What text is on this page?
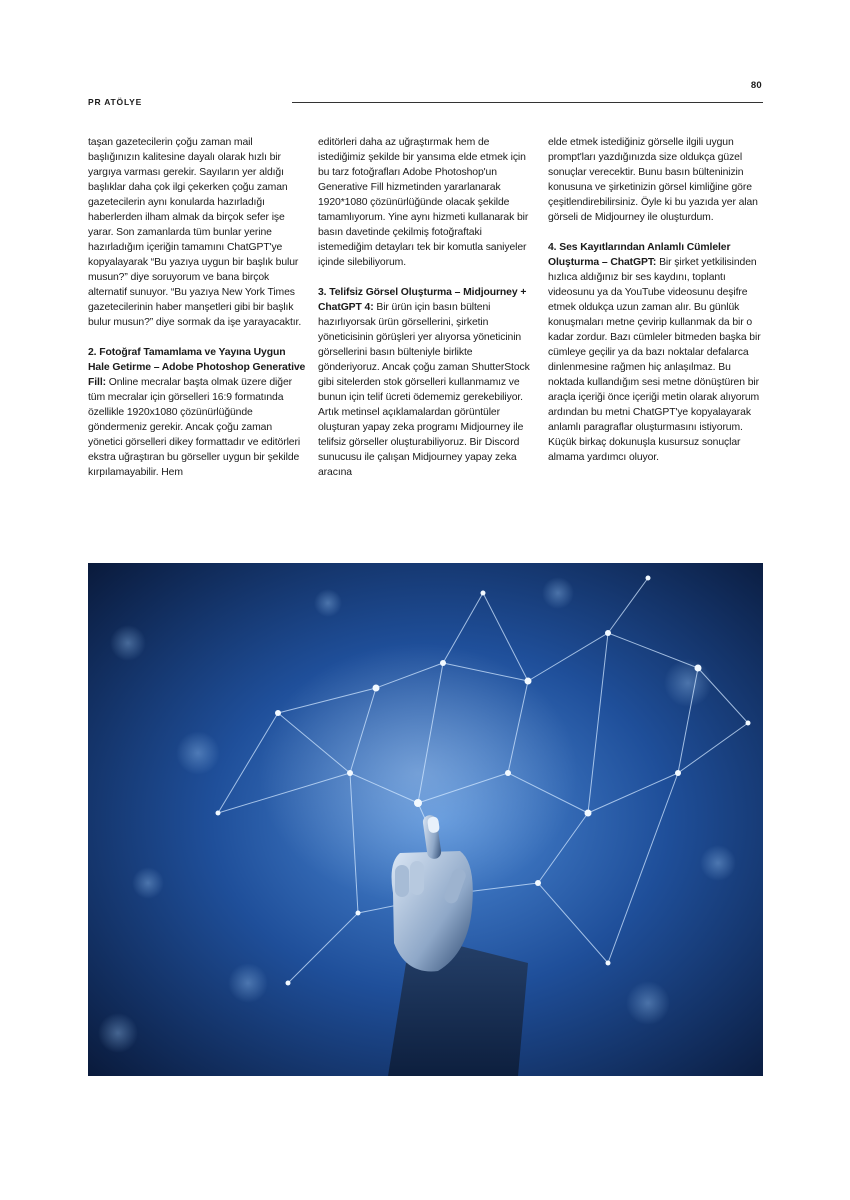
80
PR ATÖLYE

taşan gazetecilerin çoğu zaman mail başlığınızın kalitesine dayalı olarak hızlı bir yargıya varması gerekir. Sayıların yer aldığı başlıklar daha çok ilgi çekerken çoğu zaman gazetecilerin aynı konularda hazırladığı haberlerden ilham almak da birçok sefer işe yarar. Son zamanlarda tüm bunlar yerine hazırladığım içeriğin tamamını ChatGPT'ye kopyalayarak “Bu yazıya uygun bir başlık bulur musun?” diye soruyorum ve bana birçok alternatif sunuyor. “Bu yazıya New York Times gazetecilerinin haber manşetleri gibi bir başlık bulur musun?” diye sormak da işe yarayacaktır.

2. Fotoğraf Tamamlama ve Yayına Uygun Hale Getirme – Adobe Photoshop Generative Fill: Online mecralar başta olmak üzere diğer tüm mecralar için görselleri 16:9 formatında özellikle 1920x1080 çözünürlüğünde göndermeniz gerekir. Ancak çoğu zaman yönetici görselleri dikey formattadır ve editörleri ekstra uğraştıran bu görseller uygun bir şekilde kırpılamayabilir. Hem

editörleri daha az uğraştırmak hem de istediğimiz şekilde bir yansıma elde etmek için bu tarz fotoğrafları Adobe Photoshop'un Generative Fill hizmetinden yararlanarak 1920*1080 çözünürlüğünde olacak şekilde tamamlıyorum. Yine aynı hizmeti kullanarak bir basın davetinde çekilmiş fotoğraftaki istemediğim detayları tek bir komutla saniyeler içinde silebiliyorum.

3. Telifsiz Görsel Oluşturma – Midjourney + ChatGPT 4: Bir ürün için basın bülteni hazırlıyorsak ürün görsellerini, şirketin yöneticisinin görüşleri yer alıyorsa yöneticinin görsellerini basın bülteniyle birlikte gönderiyoruz. Ancak çoğu zaman ShutterStock gibi sitelerden stok görselleri kullanmamız ve bunun için telif ücreti ödememiz gerekebiliyor. Artık metinsel açıklamalardan görüntüler oluşturan yapay zeka programı Midjourney ile telifsiz görseller oluşturabiliyoruz. Bir Discord sunucusu ile çalışan Midjourney yapay zeka aracına

elde etmek istediğiniz görselle ilgili uygun prompt'ları yazdığınızda size oldukça güzel sonuçlar verecektir. Bunu basın bülteninizin konusuna ve şirketinizin görsel kimliğine göre çeşitlendirebilirsiniz. Öyle ki bu yazıda yer alan görseli de Midjourney ile oluşturdum.

4. Ses Kayıtlarından Anlamlı Cümleler Oluşturma – ChatGPT: Bir şirket yetkilisinden hızlıca aldığınız bir ses kaydını, toplantı videosunu ya da YouTube videosunu deşifre etmek oldukça uzun zaman alır. Bu günlük konuşmaları metne çevirip kullanmak da bir o kadar zordur. Bazı cümleler bitmeden başka bir cümleye geçilir ya da bazı noktalar defalarca dinlenmesine rağmen hiç anlaşılmaz. Bu noktada kullandığım sesi metne dönüştüren bir araçla içeriği önce içeriği metin olarak alıyorum ardından bu metni ChatGPT'ye kopyalayarak anlamlı paragraflar oluşturmasını istiyorum. Küçük birkaç dokunuşla kusursuz sonuçlar almama yardımcı oluyor.
